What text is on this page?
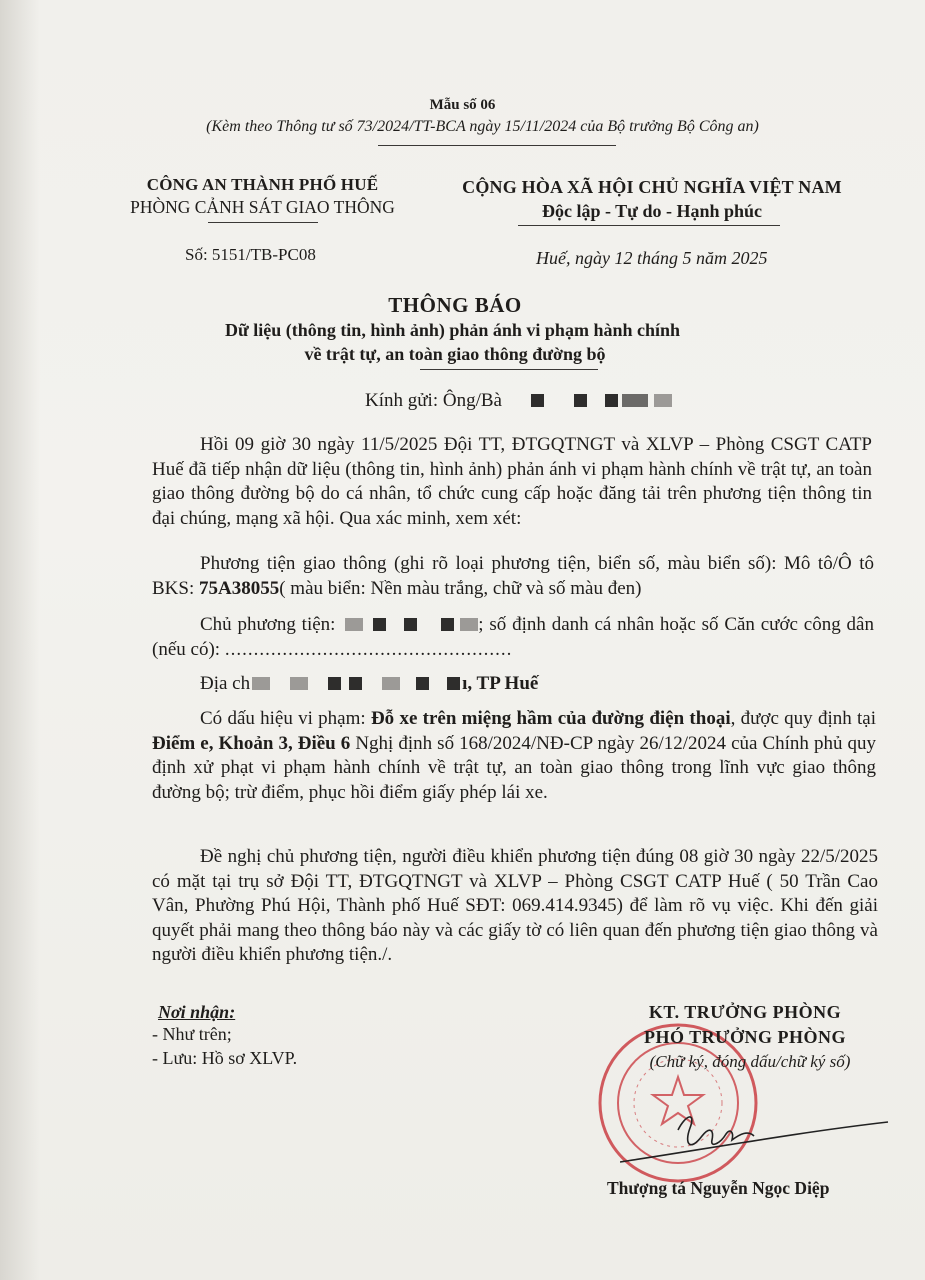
Mẫu số 06
(Kèm theo Thông tư số 73/2024/TT-BCA ngày 15/11/2024 của Bộ trưởng Bộ Công an)
CÔNG AN THÀNH PHỐ HUẾ
PHÒNG CẢNH SÁT GIAO THÔNG
CỘNG HÒA XÃ HỘI CHỦ NGHĨA VIỆT NAM
Độc lập - Tự do - Hạnh phúc
Số: 5151/TB-PC08	Huế, ngày 12 tháng 5 năm 2025
THÔNG BÁO
Dữ liệu (thông tin, hình ảnh) phản ánh vi phạm hành chính
về trật tự, an toàn giao thông đường bộ
Kính gửi: Ông/Bà
Hồi 09 giờ 30 ngày 11/5/2025 Đội TT, ĐTGQTNGT và XLVP – Phòng CSGT CATP Huế đã tiếp nhận dữ liệu (thông tin, hình ảnh) phản ánh vi phạm hành chính về trật tự, an toàn giao thông đường bộ do cá nhân, tổ chức cung cấp hoặc đăng tải trên phương tiện thông tin đại chúng, mạng xã hội. Qua xác minh, xem xét:
Phương tiện giao thông (ghi rõ loại phương tiện, biển số, màu biển số): Mô tô/Ô tô BKS: 75A38055( màu biển: Nền màu trắng, chữ và số màu đen)
Chủ phương tiện:	; số định danh cá nhân hoặc số Căn cước công dân (nếu có): ..................................................
Địa ch	ı, TP Huế
Có dấu hiệu vi phạm: Đỗ xe trên miệng hầm của đường điện thoại, được quy định tại Điểm e, Khoản 3, Điều 6 Nghị định số 168/2024/NĐ-CP ngày 26/12/2024 của Chính phủ quy định xử phạt vi phạm hành chính về trật tự, an toàn giao thông trong lĩnh vực giao thông đường bộ; trừ điểm, phục hồi điểm giấy phép lái xe.
Đề nghị chủ phương tiện, người điều khiển phương tiện đúng 08 giờ 30 ngày 22/5/2025 có mặt tại trụ sở Đội TT, ĐTGQTNGT và XLVP – Phòng CSGT CATP Huế ( 50 Trần Cao Vân, Phường Phú Hội, Thành phố Huế SĐT: 069.414.9345) để làm rõ vụ việc. Khi đến giải quyết phải mang theo thông báo này và các giấy tờ có liên quan đến phương tiện giao thông và người điều khiển phương tiện./.
Nơi nhận:
- Như trên;
- Lưu: Hồ sơ XLVP.
KT. TRƯỞNG PHÒNG
PHÓ TRƯỞNG PHÒNG
(Chữ ký, đóng dấu/chữ ký số)
Thượng tá Nguyễn Ngọc Diệp
